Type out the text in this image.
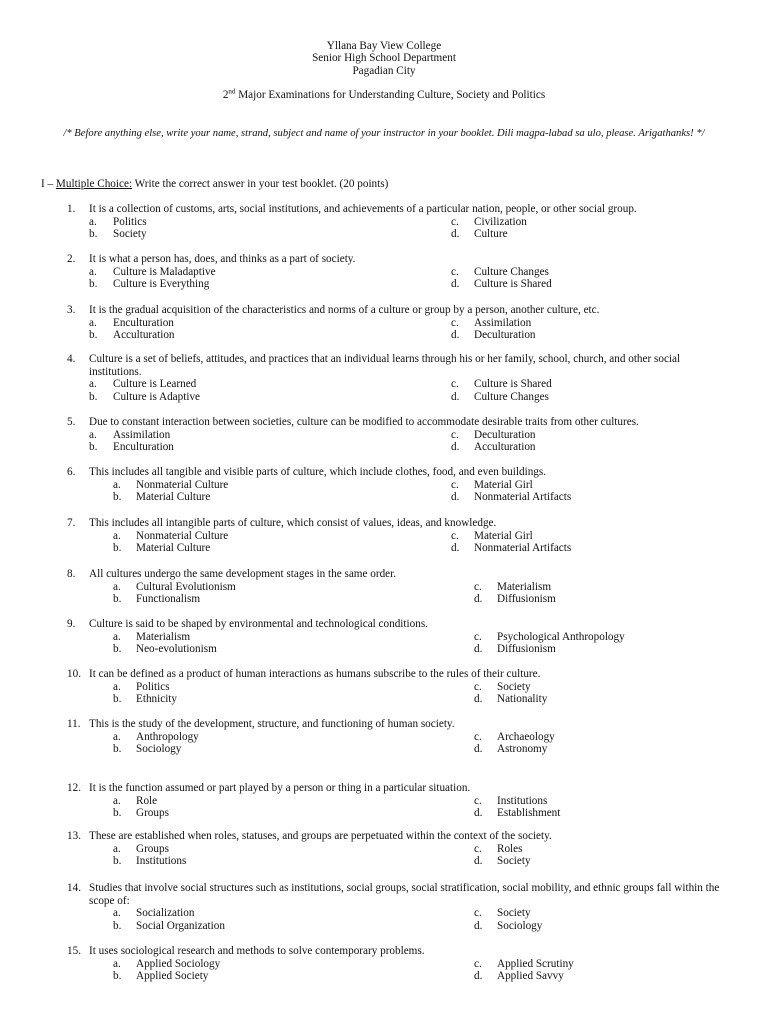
Yllana Bay View College
Senior High School Department
Pagadian City
2nd Major Examinations for Understanding Culture, Society and Politics
/* Before anything else, write your name, strand, subject and name of your instructor in your booklet. Dili magpa-labad sa ulo, please. Arigathanks! */
I – Multiple Choice: Write the correct answer in your test booklet. (20 points)
1. It is a collection of customs, arts, social institutions, and achievements of a particular nation, people, or other social group.
a. Politics
b. Society
c. Civilization
d. Culture
2. It is what a person has, does, and thinks as a part of society.
a. Culture is Maladaptive
b. Culture is Everything
c. Culture Changes
d. Culture is Shared
3. It is the gradual acquisition of the characteristics and norms of a culture or group by a person, another culture, etc.
a. Enculturation
b. Acculturation
c. Assimilation
d. Deculturation
4. Culture is a set of beliefs, attitudes, and practices that an individual learns through his or her family, school, church, and other social institutions.
a. Culture is Learned
b. Culture is Adaptive
c. Culture is Shared
d. Culture Changes
5. Due to constant interaction between societies, culture can be modified to accommodate desirable traits from other cultures.
a. Assimilation
b. Enculturation
c. Deculturation
d. Acculturation
6. This includes all tangible and visible parts of culture, which include clothes, food, and even buildings.
a. Nonmaterial Culture
b. Material Culture
c. Material Girl
d. Nonmaterial Artifacts
7. This includes all intangible parts of culture, which consist of values, ideas, and knowledge.
a. Nonmaterial Culture
b. Material Culture
c. Material Girl
d. Nonmaterial Artifacts
8. All cultures undergo the same development stages in the same order.
a. Cultural Evolutionism
b. Functionalism
c. Materialism
d. Diffusionism
9. Culture is said to be shaped by environmental and technological conditions.
a. Materialism
b. Neo-evolutionism
c. Psychological Anthropology
d. Diffusionism
10. It can be defined as a product of human interactions as humans subscribe to the rules of their culture.
a. Politics
b. Ethnicity
c. Society
d. Nationality
11. This is the study of the development, structure, and functioning of human society.
a. Anthropology
b. Sociology
c. Archaeology
d. Astronomy
12. It is the function assumed or part played by a person or thing in a particular situation.
a. Role
b. Groups
c. Institutions
d. Establishment
13. These are established when roles, statuses, and groups are perpetuated within the context of the society.
a. Groups
b. Institutions
c. Roles
d. Society
14. Studies that involve social structures such as institutions, social groups, social stratification, social mobility, and ethnic groups fall within the scope of:
a. Socialization
b. Social Organization
c. Society
d. Sociology
15. It uses sociological research and methods to solve contemporary problems.
a. Applied Sociology
b. Applied Society
c. Applied Scrutiny
d. Applied Savvy
